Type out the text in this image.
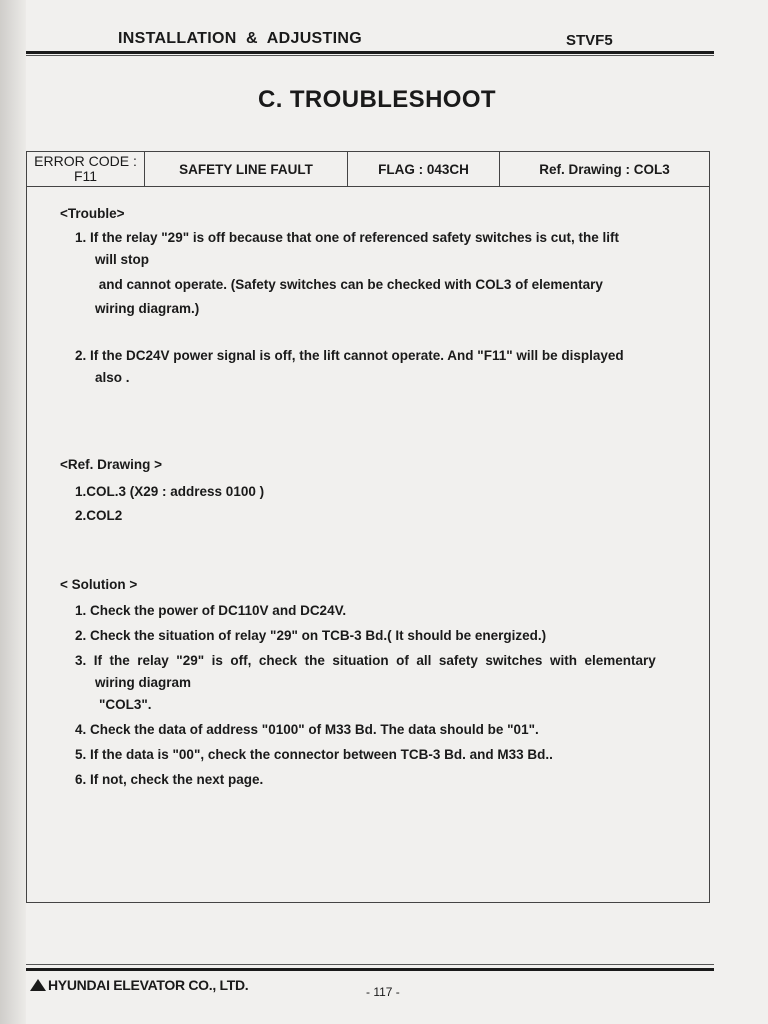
INSTALLATION  &  ADJUSTING	STVF5
C. TROUBLESHOOT
ERROR CODE :
F11	SAFETY LINE FAULT	FLAG : 043CH	Ref. Drawing : COL3

<Trouble>

1. If the relay "29" is off because that one of referenced safety switches is cut, the lift

will stop

and cannot operate. (Safety switches can be checked with COL3 of elementary

wiring diagram.)

2. If the DC24V power signal is off, the lift cannot operate. And "F11" will be displayed

also .

<Ref. Drawing >

1.COL.3 (X29 : address 0100 )

2.COL2

< Solution >

1. Check the power of DC110V and DC24V.

2. Check the situation of relay "29" on TCB-3 Bd.( It should be energized.)

3.  If  the  relay  "29"  is  off,  check  the  situation  of  all  safety  switches  with  elementary

wiring diagram

"COL3".

4. Check the data of address "0100" of M33 Bd. The data should be "01".

5. If the data is "00", check the connector between TCB-3 Bd. and M33 Bd..

6. If not, check the next page.

HYUNDAI ELEVATOR CO., LTD.	- 117 -
